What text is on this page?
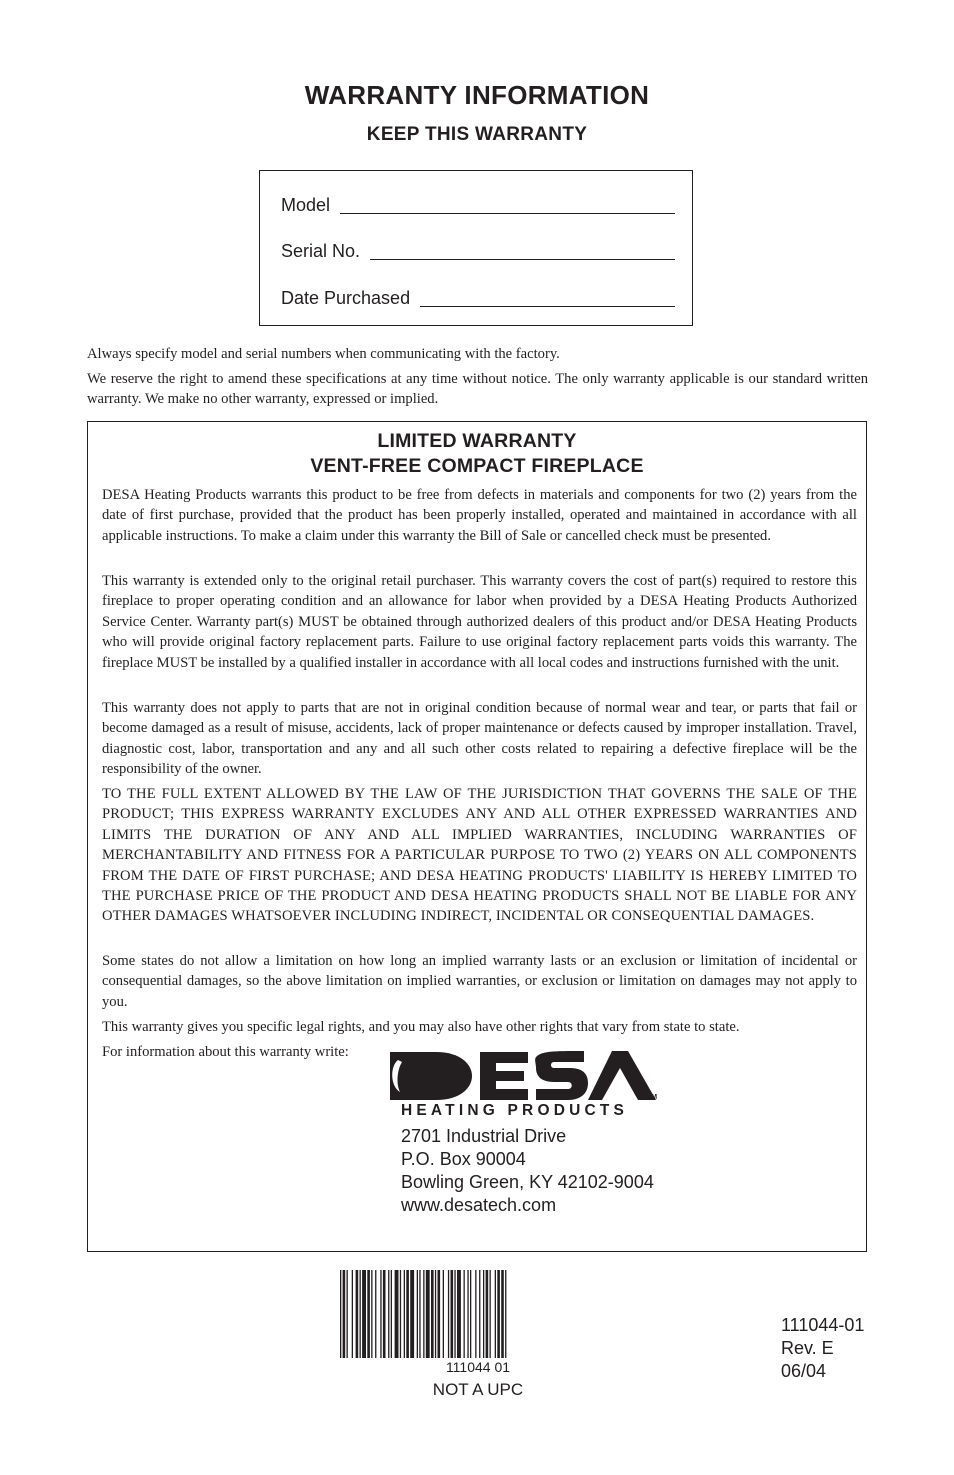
WARRANTY INFORMATION
KEEP THIS WARRANTY
Model
Serial No.
Date Purchased

Always specify model and serial numbers when communicating with the factory.

We reserve the right to amend these specifications at any time without notice. The only warranty applicable is our standard written warranty. We make no other warranty, expressed or implied.

LIMITED WARRANTY
VENT-FREE COMPACT FIREPLACE

DESA Heating Products warrants this product to be free from defects in materials and components for two (2) years from the date of first purchase, provided that the product has been properly installed, operated and maintained in accordance with all applicable instructions. To make a claim under this warranty the Bill of Sale or cancelled check must be presented.

This warranty is extended only to the original retail purchaser. This warranty covers the cost of part(s) required to restore this fireplace to proper operating condition and an allowance for labor when provided by a DESA Heating Products Authorized Service Center. Warranty part(s) MUST be obtained through authorized dealers of this product and/or DESA Heating Products who will provide original factory replacement parts. Failure to use original factory replacement parts voids this warranty. The fireplace MUST be installed by a qualified installer in accordance with all local codes and instructions furnished with the unit.

This warranty does not apply to parts that are not in original condition because of normal wear and tear, or parts that fail or become damaged as a result of misuse, accidents, lack of proper maintenance or defects caused by improper installation. Travel, diagnostic cost, labor, transportation and any and all such other costs related to repairing a defective fireplace will be the responsibility of the owner.

TO THE FULL EXTENT ALLOWED BY THE LAW OF THE JURISDICTION THAT GOVERNS THE SALE OF THE PRODUCT; THIS EXPRESS WARRANTY EXCLUDES ANY AND ALL OTHER EXPRESSED WARRANTIES AND LIMITS THE DURATION OF ANY AND ALL IMPLIED WARRANTIES, INCLUDING WARRANTIES OF MERCHANTABILITY AND FITNESS FOR A PARTICULAR PURPOSE TO TWO (2) YEARS ON ALL COMPONENTS FROM THE DATE OF FIRST PURCHASE; AND DESA HEATING PRODUCTS' LIABILITY IS HEREBY LIMITED TO THE PURCHASE PRICE OF THE PRODUCT AND DESA HEATING PRODUCTS SHALL NOT BE LIABLE FOR ANY OTHER DAMAGES WHATSOEVER INCLUDING INDIRECT, INCIDENTAL OR CONSEQUENTIAL DAMAGES.

Some states do not allow a limitation on how long an implied warranty lasts or an exclusion or limitation of incidental or consequential damages, so the above limitation on implied warranties, or exclusion or limitation on damages may not apply to you.

This warranty gives you specific legal rights, and you may also have other rights that vary from state to state.

For information about this warranty write:

HEATING PRODUCTS
TM
2701 Industrial Drive
P.O. Box 90004
Bowling Green, KY 42102-9004
www.desatech.com
111044 01
NOT A UPC
111044-01
Rev. E
06/04
